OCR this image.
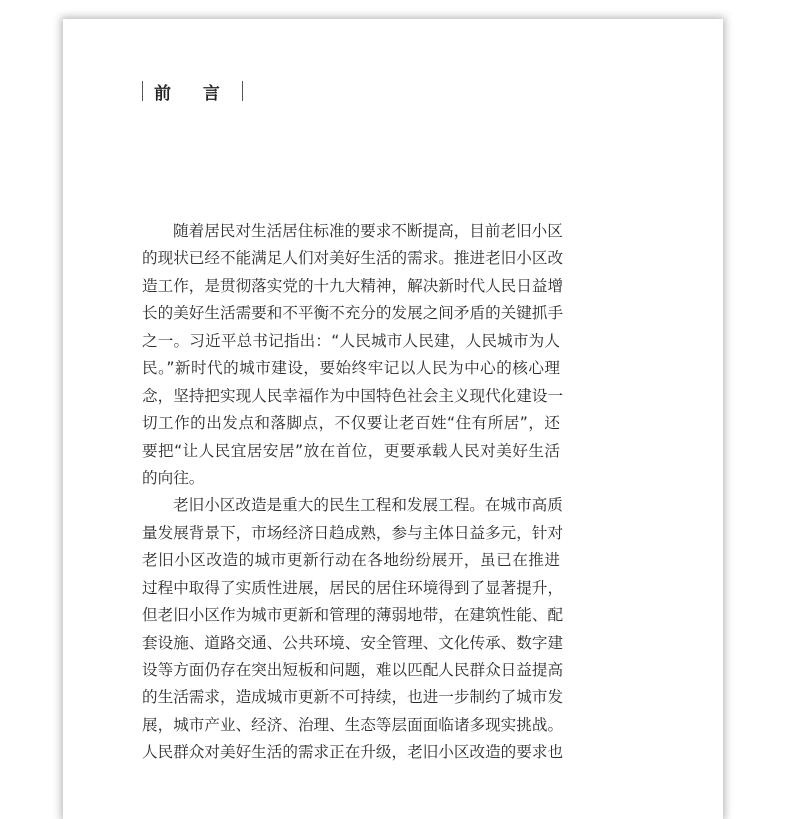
前 言
随着居民对生活居住标准的要求不断提高，目前老旧小区
的现状已经不能满足人们对美好生活的需求。推进老旧小区改
造工作，是贯彻落实党的十九大精神，解决新时代人民日益增
长的美好生活需要和不平衡不充分的发展之间矛盾的关键抓手
之一。习近平总书记指出：“人民城市人民建，人民城市为人
民。”新时代的城市建设，要始终牢记以人民为中心的核心理
念，坚持把实现人民幸福作为中国特色社会主义现代化建设一
切工作的出发点和落脚点，不仅要让老百姓“住有所居”，还
要把“让人民宜居安居”放在首位，更要承载人民对美好生活
的向往。
老旧小区改造是重大的民生工程和发展工程。在城市高质
量发展背景下，市场经济日趋成熟，参与主体日益多元，针对
老旧小区改造的城市更新行动在各地纷纷展开，虽已在推进
过程中取得了实质性进展，居民的居住环境得到了显著提升，
但老旧小区作为城市更新和管理的薄弱地带，在建筑性能、配
套设施、道路交通、公共环境、安全管理、文化传承、数字建
设等方面仍存在突出短板和问题，难以匹配人民群众日益提高
的生活需求，造成城市更新不可持续，也进一步制约了城市发
展，城市产业、经济、治理、生态等层面面临诸多现实挑战。
人民群众对美好生活的需求正在升级，老旧小区改造的要求也
